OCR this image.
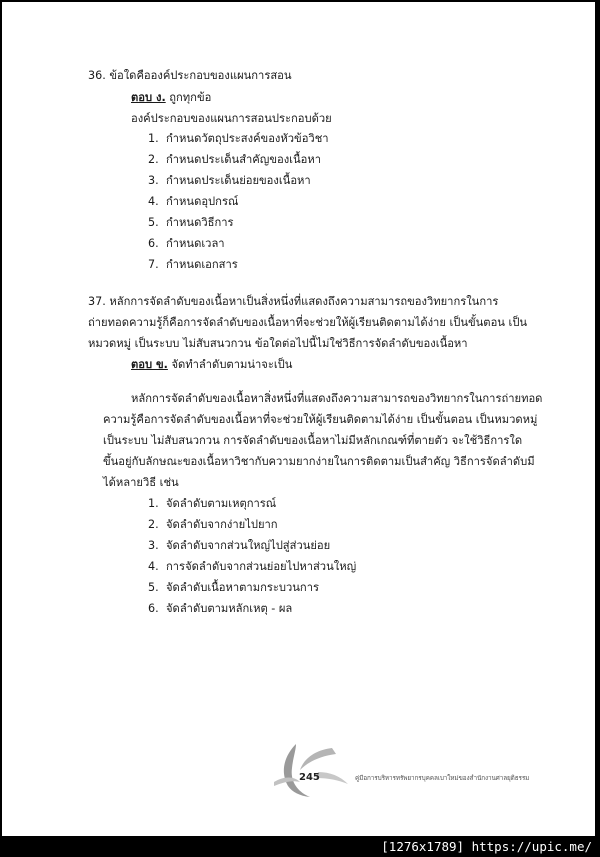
36. ข้อใดคือองค์ประกอบของแผนการสอน
ตอบ ง. ถูกทุกข้อ
องค์ประกอบของแผนการสอนประกอบด้วย
1. กำหนดวัตถุประสงค์ของหัวข้อวิชา
2. กำหนดประเด็นสำคัญของเนื้อหา
3. กำหนดประเด็นย่อยของเนื้อหา
4. กำหนดอุปกรณ์
5. กำหนดวิธีการ
6. กำหนดเวลา
7. กำหนดเอกสาร
37. หลักการจัดลำดับของเนื้อหาเป็นสิ่งหนึ่งที่แสดงถึงความสามารถของวิทยากรในการ
ถ่ายทอดความรู้ก็คือการจัดลำดับของเนื้อหาที่จะช่วยให้ผู้เรียนติดตามได้ง่าย เป็นขั้นตอน เป็น
หมวดหมู่ เป็นระบบ ไม่สับสนวกวน ข้อใดต่อไปนี้ไม่ใช่วิธีการจัดลำดับของเนื้อหา
ตอบ ข. จัดทำลำดับตามน่าจะเป็น
หลักการจัดลำดับของเนื้อหาสิ่งหนึ่งที่แสดงถึงความสามารถของวิทยากรในการถ่ายทอด
ความรู้คือการจัดลำดับของเนื้อหาที่จะช่วยให้ผู้เรียนติดตามได้ง่าย เป็นขั้นตอน เป็นหมวดหมู่
เป็นระบบ ไม่สับสนวกวน การจัดลำดับของเนื้อหาไม่มีหลักเกณฑ์ที่ตายตัว จะใช้วิธีการใด
ขึ้นอยู่กับลักษณะของเนื้อหาวิชากับความยากง่ายในการติดตามเป็นสำคัญ วิธีการจัดลำดับมี
ได้หลายวิธี เช่น
1. จัดลำดับตามเหตุการณ์
2. จัดลำดับจากง่ายไปยาก
3. จัดลำดับจากส่วนใหญ่ไปสู่ส่วนย่อย
4. การจัดลำดับจากส่วนย่อยไปหาส่วนใหญ่
5. จัดลำดับเนื้อหาตามกระบวนการ
6. จัดลำดับตามหลักเหตุ - ผล
245	คู่มือการบริหารทรัพยากรบุคคลเบาใหม่ของสำนักงานศาลยุติธรรม
[1276x1789] https://upic.me/
